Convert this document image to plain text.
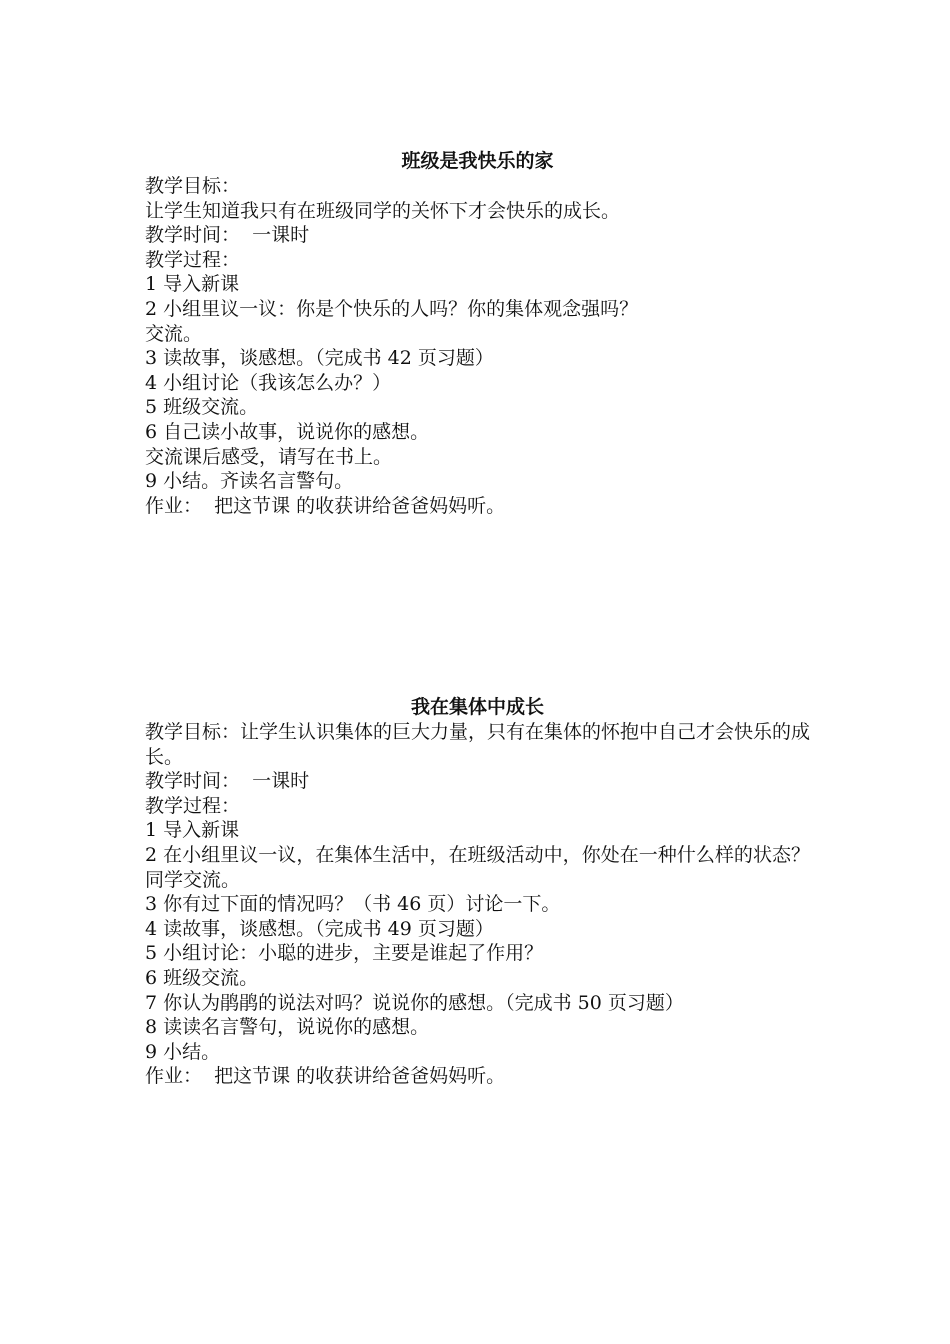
班级是我快乐的家

教学目标：

让学生知道我只有在班级同学的关怀下才会快乐的成长。

教学时间：  一课时

教学过程：

1 导入新课

2 小组里议一议：你是个快乐的人吗？你的集体观念强吗？

交流。

3 读故事，谈感想。（完成书 42 页习题）

4 小组讨论（我该怎么办？）

5 班级交流。

6 自己读小故事，说说你的感想。

交流课后感受，请写在书上。

9 小结。齐读名言警句。

作业：  把这节课 的收获讲给爸爸妈妈听。

我在集体中成长

教学目标：让学生认识集体的巨大力量，只有在集体的怀抱中自己才会快乐的成长。

教学时间：  一课时

教学过程：

1 导入新课

2 在小组里议一议，在集体生活中，在班级活动中，你处在一种什么样的状态？同学交流。

3 你有过下面的情况吗？（书 46 页）讨论一下。

4 读故事，谈感想。（完成书 49 页习题）

5 小组讨论：小聪的进步，主要是谁起了作用？

6 班级交流。

7 你认为鹃鹃的说法对吗？说说你的感想。（完成书 50 页习题）

8 读读名言警句，说说你的感想。

9 小结。

作业：  把这节课 的收获讲给爸爸妈妈听。
